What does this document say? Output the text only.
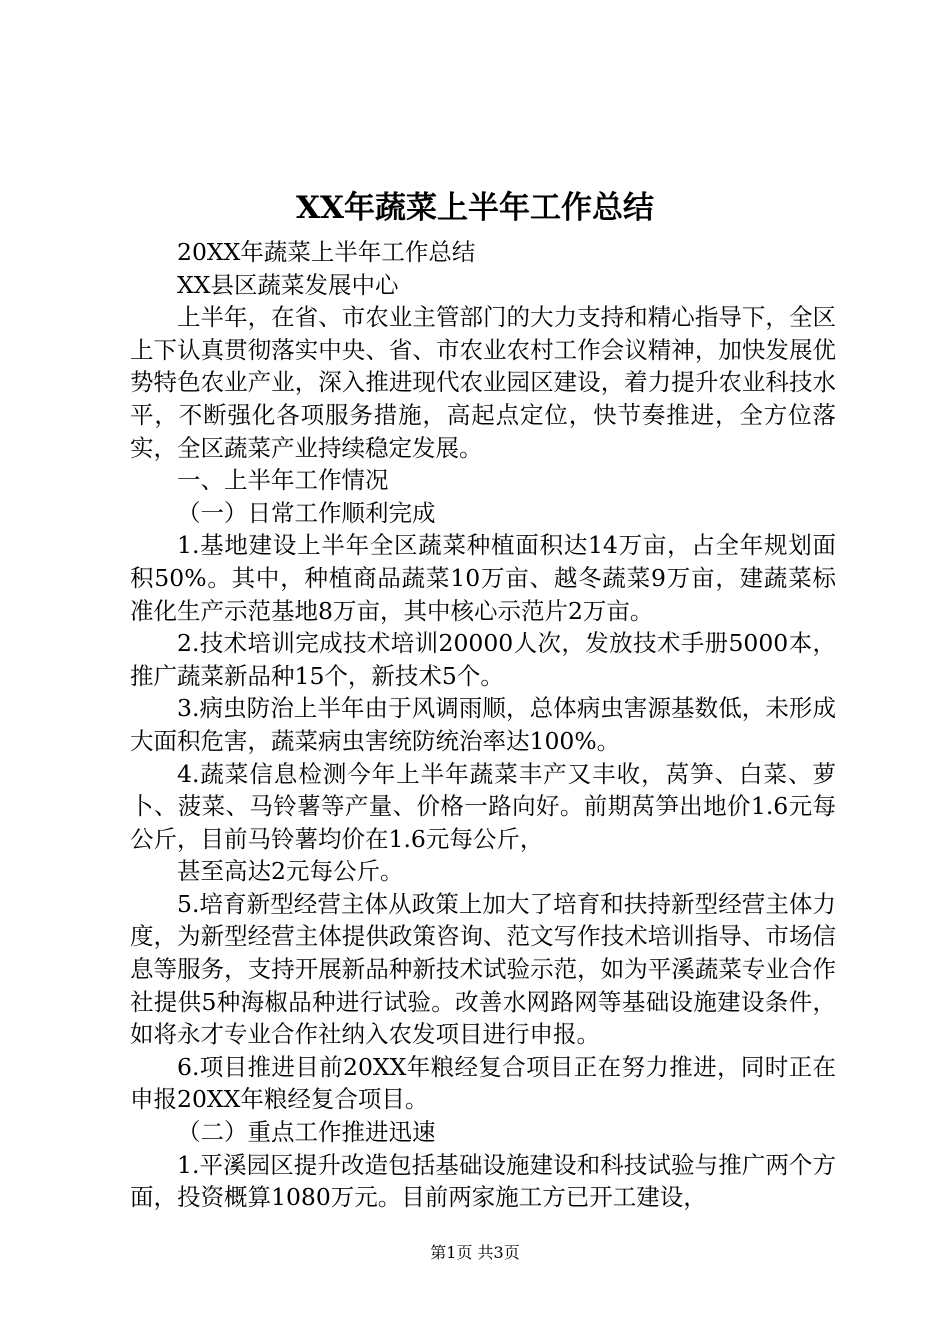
XX年蔬菜上半年工作总结

20XX年蔬菜上半年工作总结

XX县区蔬菜发展中心

上半年，在省、市农业主管部门的大力支持和精心指导下，全区上下认真贯彻落实中央、省、市农业农村工作会议精神，加快发展优势特色农业产业，深入推进现代农业园区建设，着力提升农业科技水平，不断强化各项服务措施，高起点定位，快节奏推进，全方位落实，全区蔬菜产业持续稳定发展。

一、上半年工作情况

（一）日常工作顺利完成

1.基地建设上半年全区蔬菜种植面积达14万亩，占全年规划面积50%。其中，种植商品蔬菜10万亩、越冬蔬菜9万亩，建蔬菜标准化生产示范基地8万亩，其中核心示范片2万亩。

2.技术培训完成技术培训20000人次，发放技术手册5000本，推广蔬菜新品种15个，新技术5个。

3.病虫防治上半年由于风调雨顺，总体病虫害源基数低，未形成大面积危害，蔬菜病虫害统防统治率达100%。

4.蔬菜信息检测今年上半年蔬菜丰产又丰收，莴笋、白菜、萝卜、菠菜、马铃薯等产量、价格一路向好。前期莴笋出地价1.6元每公斤，目前马铃薯均价在1.6元每公斤，

甚至高达2元每公斤。

5.培育新型经营主体从政策上加大了培育和扶持新型经营主体力度，为新型经营主体提供政策咨询、范文写作技术培训指导、市场信息等服务，支持开展新品种新技术试验示范，如为平溪蔬菜专业合作社提供5种海椒品种进行试验。改善水网路网等基础设施建设条件，如将永才专业合作社纳入农发项目进行申报。

6.项目推进目前20XX年粮经复合项目正在努力推进，同时正在申报20XX年粮经复合项目。

（二）重点工作推进迅速

1.平溪园区提升改造包括基础设施建设和科技试验与推广两个方面，投资概算1080万元。目前两家施工方已开工建设，

第1页 共3页
